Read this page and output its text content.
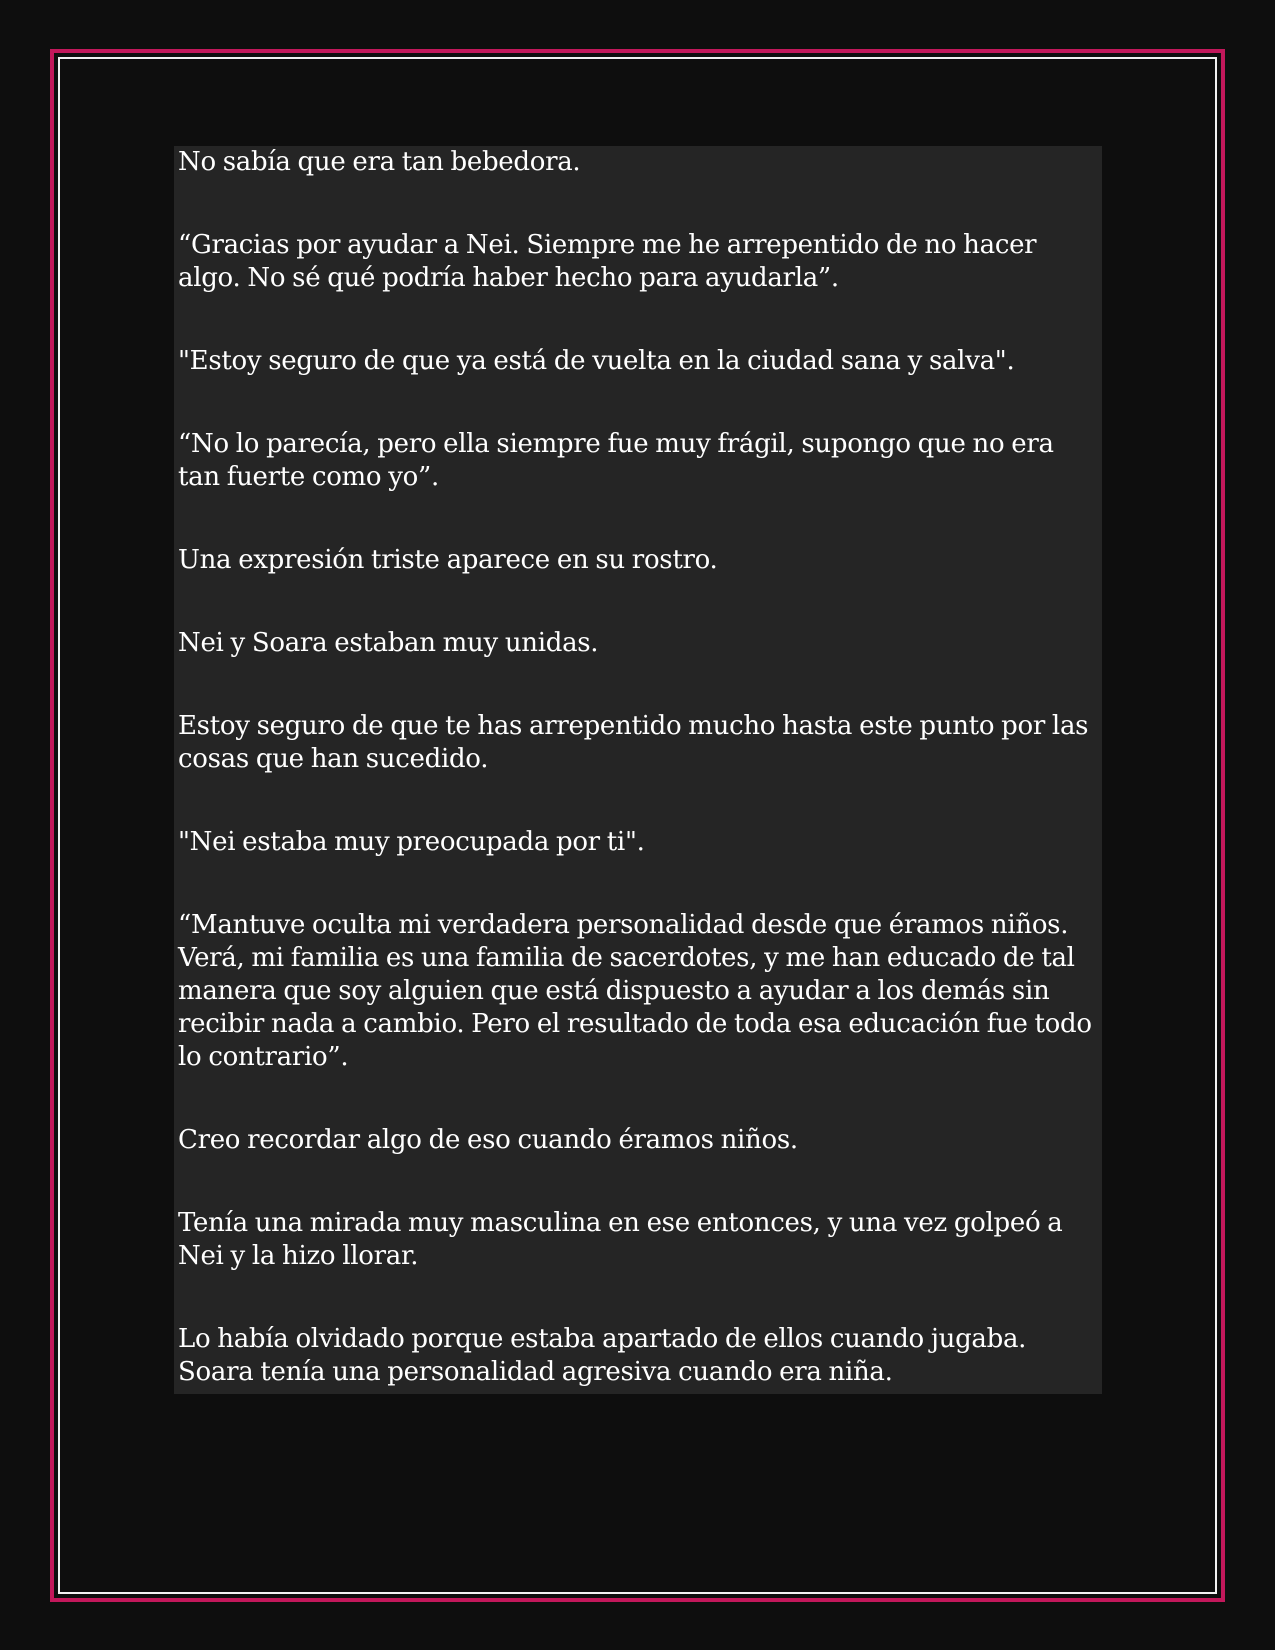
No sabía que era tan bebedora.

“Gracias por ayudar a Nei. Siempre me he arrepentido de no hacer algo. No sé qué podría haber hecho para ayudarla”.

"Estoy seguro de que ya está de vuelta en la ciudad sana y salva".

“No lo parecía, pero ella siempre fue muy frágil, supongo que no era tan fuerte como yo”.

Una expresión triste aparece en su rostro.

Nei y Soara estaban muy unidas.

Estoy seguro de que te has arrepentido mucho hasta este punto por las cosas que han sucedido.

"Nei estaba muy preocupada por ti".

“Mantuve oculta mi verdadera personalidad desde que éramos niños. Verá, mi familia es una familia de sacerdotes, y me han educado de tal manera que soy alguien que está dispuesto a ayudar a los demás sin recibir nada a cambio. Pero el resultado de toda esa educación fue todo lo contrario”.

Creo recordar algo de eso cuando éramos niños.

Tenía una mirada muy masculina en ese entonces, y una vez golpeó a Nei y la hizo llorar.

Lo había olvidado porque estaba apartado de ellos cuando jugaba. Soara tenía una personalidad agresiva cuando era niña.
